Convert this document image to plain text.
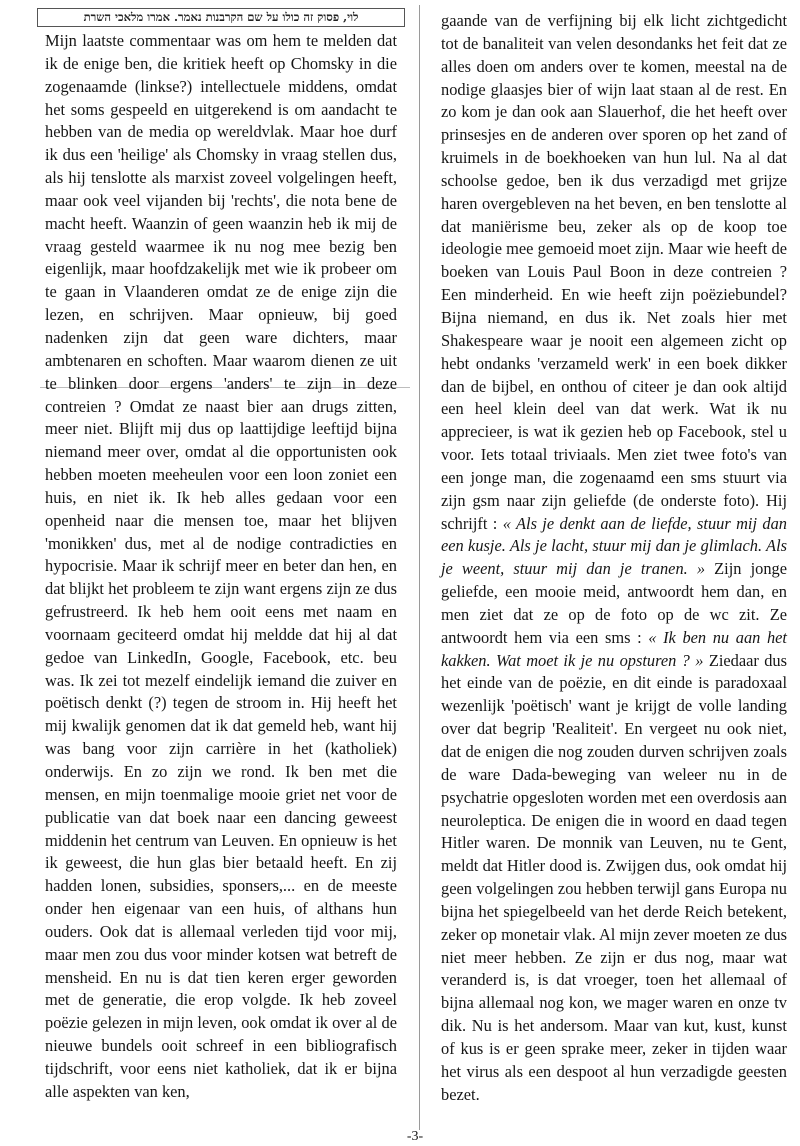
לוי, פסוק זה כולו על שם הקרבנות נאמר. אמרו מלאכי השרת

Mijn laatste commentaar was om hem te melden dat ik de enige ben, die kritiek heeft op Chomsky in die zogenaamde (linkse?) intellectuele middens, omdat het soms gespeeld en uitgerekend is om aandacht te hebben van de media op wereldvlak. Maar hoe durf ik dus een 'heilige' als Chomsky in vraag stellen dus, als hij tenslotte als marxist zoveel volgelingen heeft, maar ook veel vijanden bij 'rechts', die nota bene de macht heeft. Waanzin of geen waanzin heb ik mij de vraag gesteld waarmee ik nu nog mee bezig ben eigenlijk, maar hoofdzakelijk met wie ik probeer om te gaan in Vlaanderen omdat ze de enige zijn die lezen, en schrijven. Maar opnieuw, bij goed nadenken zijn dat geen ware dichters, maar ambtenaren en schoften. Maar waarom dienen ze uit te blinken door ergens 'anders' te zijn in deze contreien ? Omdat ze naast bier aan drugs zitten, meer niet. Blijft mij dus op laattijdige leeftijd bijna niemand meer over, omdat al die opportunisten ook hebben moeten meeheulen voor een loon zoniet een huis, en niet ik. Ik heb alles gedaan voor een openheid naar die mensen toe, maar het blijven 'monikken' dus, met al de nodige contradicties en hypocrisie. Maar ik schrijf meer en beter dan hen, en dat blijkt het probleem te zijn want ergens zijn ze dus gefrustreerd. Ik heb hem ooit eens met naam en voornaam geciteerd omdat hij meldde dat hij al dat gedoe van LinkedIn, Google, Facebook, etc. beu was. Ik zei tot mezelf eindelijk iemand die zuiver en poëtisch denkt (?) tegen de stroom in. Hij heeft het mij kwalijk genomen dat ik dat gemeld heb, want hij was bang voor zijn carrière in het (katholiek) onderwijs. En zo zijn we rond. Ik ben met die mensen, en mijn toenmalige mooie griet net voor de publicatie van dat boek naar een dancing geweest middenin het centrum van Leuven. En opnieuw is het ik geweest, die hun glas bier betaald heeft. En zij hadden lonen, subsidies, sponsers,... en de meeste onder hen eigenaar van een huis, of althans hun ouders. Ook dat is allemaal verleden tijd voor mij, maar men zou dus voor minder kotsen wat betreft de mensheid. En nu is dat tien keren erger geworden met de generatie, die erop volgde. Ik heb zoveel poëzie gelezen in mijn leven, ook omdat ik over al de nieuwe bundels ooit schreef in een bibliografisch tijdschrift, voor eens niet katholiek, dat ik er bijna alle aspekten van ken,

gaande van de verfijning bij elk licht zichtgedicht tot de banaliteit van velen desondanks het feit dat ze alles doen om anders over te komen, meestal na de nodige glaasjes bier of wijn laat staan al de rest. En zo kom je dan ook aan Slauerhof, die het heeft over prinsesjes en de anderen over sporen op het zand of kruimels in de boekhoeken van hun lul. Na al dat schoolse gedoe, ben ik dus verzadigd met grijze haren overgebleven na het beven, en ben tenslotte al dat maniërisme beu, zeker als op de koop toe ideologie mee gemoeid moet zijn. Maar wie heeft de boeken van Louis Paul Boon in deze contreien ? Een minderheid. En wie heeft zijn poëziebundel? Bijna niemand, en dus ik. Net zoals hier met Shakespeare waar je nooit een algemeen zicht op hebt ondanks 'verzameld werk' in een boek dikker dan de bijbel, en onthou of citeer je dan ook altijd een heel klein deel van dat werk. Wat ik nu apprecieer, is wat ik gezien heb op Facebook, stel u voor. Iets totaal triviaals. Men ziet twee foto's van een jonge man, die zogenaamd een sms stuurt via zijn gsm naar zijn geliefde (de onderste foto). Hij schrijft : « Als je denkt aan de liefde, stuur mij dan een kusje. Als je lacht, stuur mij dan je glimlach. Als je weent, stuur mij dan je tranen. » Zijn jonge geliefde, een mooie meid, antwoordt hem dan, en men ziet dat ze op de foto op de wc zit. Ze antwoordt hem via een sms : « Ik ben nu aan het kakken. Wat moet ik je nu opsturen ? » Ziedaar dus het einde van de poëzie, en dit einde is paradoxaal wezenlijk 'poëtisch' want je krijgt de volle landing over dat begrip 'Realiteit'. En vergeet nu ook niet, dat de enigen die nog zouden durven schrijven zoals de ware Dada-beweging van weleer nu in de psychatrie opgesloten worden met een overdosis aan neuroleptica. De enigen die in woord en daad tegen Hitler waren. De monnik van Leuven, nu te Gent, meldt dat Hitler dood is. Zwijgen dus, ook omdat hij geen volgelingen zou hebben terwijl gans Europa nu bijna het spiegelbeeld van het derde Reich betekent, zeker op monetair vlak. Al mijn zever moeten ze dus niet meer hebben. Ze zijn er dus nog, maar wat veranderd is, is dat vroeger, toen het allemaal of bijna allemaal nog kon, we mager waren en onze tv dik. Nu is het andersom. Maar van kut, kust, kunst of kus is er geen sprake meer, zeker in tijden waar het virus als een despoot al hun verzadigde geesten bezet.

-3-
